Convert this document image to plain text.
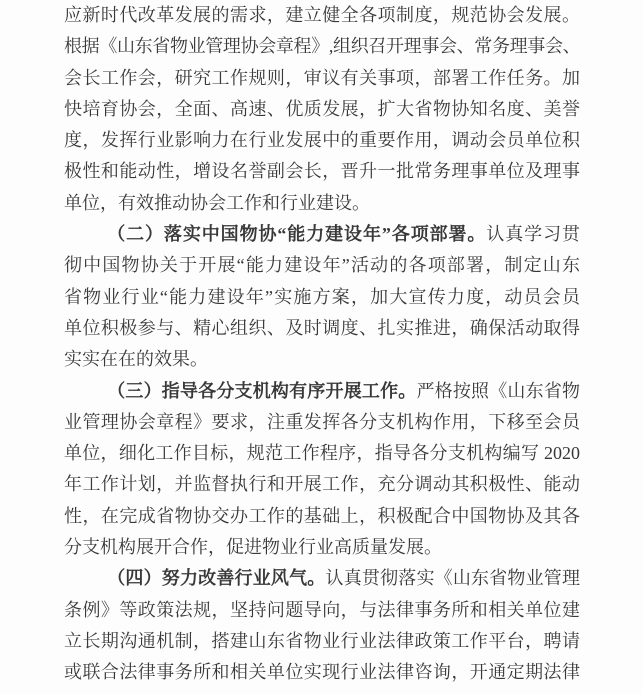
应新时代改革发展的需求，建立健全各项制度，规范协会发展。
根据《山东省物业管理协会章程》,组织召开理事会、常务理事会、
会长工作会，研究工作规则，审议有关事项，部署工作任务。加
快培育协会，全面、高速、优质发展，扩大省物协知名度、美誉
度，发挥行业影响力在行业发展中的重要作用，调动会员单位积
极性和能动性，增设名誉副会长，晋升一批常务理事单位及理事
单位，有效推动协会工作和行业建设。
（二）落实中国物协“能力建设年”各项部署。认真学习贯
彻中国物协关于开展“能力建设年”活动的各项部署，制定山东
省物业行业“能力建设年”实施方案，加大宣传力度，动员会员
单位积极参与、精心组织、及时调度、扎实推进，确保活动取得
实实在在的效果。
（三）指导各分支机构有序开展工作。严格按照《山东省物
业管理协会章程》要求，注重发挥各分支机构作用，下移至会员
单位，细化工作目标，规范工作程序，指导各分支机构编写 2020
年工作计划，并监督执行和开展工作，充分调动其积极性、能动
性，在完成省物协交办工作的基础上，积极配合中国物协及其各
分支机构展开合作，促进物业行业高质量发展。
（四）努力改善行业风气。认真贯彻落实《山东省物业管理
条例》等政策法规，坚持问题导向，与法律事务所和相关单位建
立长期沟通机制，搭建山东省物业行业法律政策工作平台，聘请
或联合法律事务所和相关单位实现行业法律咨询，开通定期法律
